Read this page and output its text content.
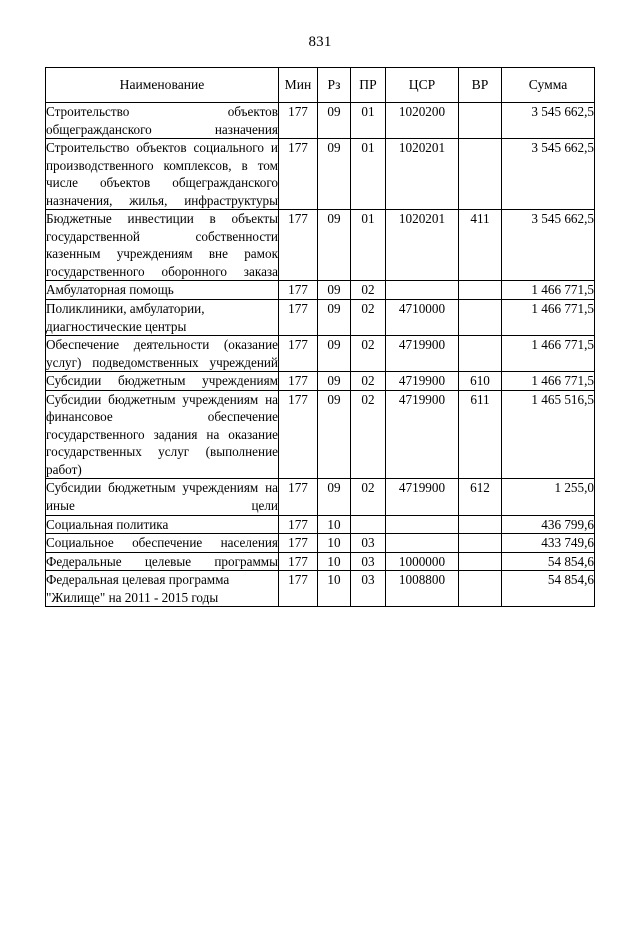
831
Наименование	Мин	Рз	ПР	ЦСР	ВР	Сумма
Строительство объектов общегражданского назначения	177	09	01	1020200		3 545 662,5
Строительство объектов социального и производственного комплексов, в том числе объектов общегражданского назначения, жилья, инфраструктуры	177	09	01	1020201		3 545 662,5
Бюджетные инвестиции в объекты государственной собственности казенным учреждениям вне рамок государственного оборонного заказа	177	09	01	1020201	411	3 545 662,5
Амбулаторная помощь	177	09	02			1 466 771,5
Поликлиники, амбулатории, диагностические центры	177	09	02	4710000		1 466 771,5
Обеспечение деятельности (оказание услуг) подведомственных учреждений	177	09	02	4719900		1 466 771,5
Субсидии бюджетным учреждениям	177	09	02	4719900	610	1 466 771,5
Субсидии бюджетным учреждениям на финансовое обеспечение государственного задания на оказание государственных услуг (выполнение работ)	177	09	02	4719900	611	1 465 516,5
Субсидии бюджетным учреждениям на иные цели	177	09	02	4719900	612	1 255,0
Социальная политика	177	10				436 799,6
Социальное обеспечение населения	177	10	03			433 749,6
Федеральные целевые программы	177	10	03	1000000		54 854,6
Федеральная целевая программа "Жилище" на 2011 - 2015 годы	177	10	03	1008800		54 854,6
